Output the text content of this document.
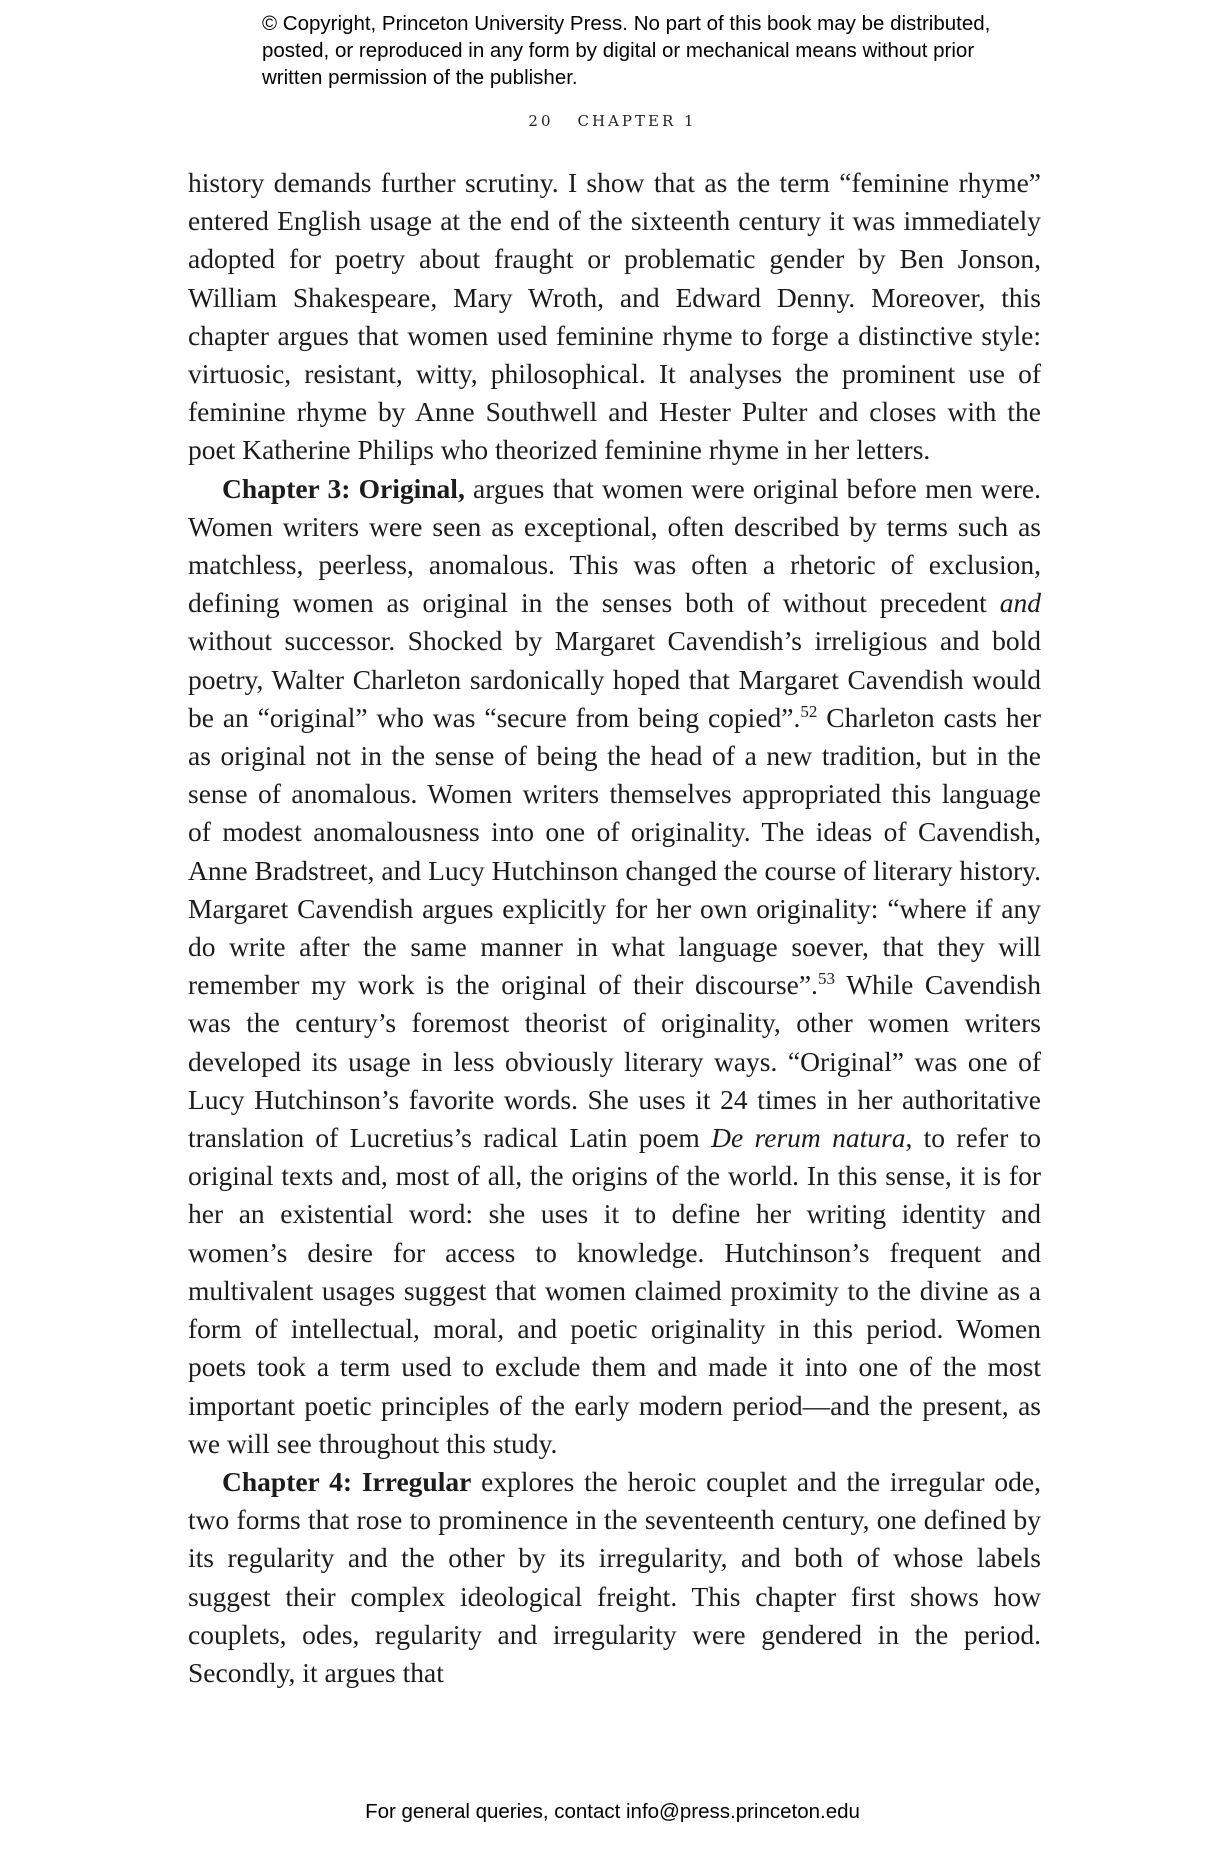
© Copyright, Princeton University Press. No part of this book may be distributed, posted, or reproduced in any form by digital or mechanical means without prior written permission of the publisher.
20 CHAPTER 1

history demands further scrutiny. I show that as the term “feminine rhyme” entered English usage at the end of the sixteenth century it was immediately adopted for poetry about fraught or problematic gender by Ben Jonson, William Shakespeare, Mary Wroth, and Edward Denny. Moreover, this chapter argues that women used feminine rhyme to forge a distinctive style: virtuosic, resistant, witty, philosophical. It analyses the prominent use of feminine rhyme by Anne Southwell and Hester Pulter and closes with the poet Katherine Philips who theorized feminine rhyme in her letters.

Chapter 3: Original, argues that women were original before men were. Women writers were seen as exceptional, often described by terms such as matchless, peerless, anomalous. This was often a rhetoric of exclusion, defining women as original in the senses both of without precedent and without successor. Shocked by Margaret Cavendish’s irreligious and bold poetry, Walter Charleton sardonically hoped that Margaret Cavendish would be an “original” who was “secure from being copied”.$^{52}$ Charleton casts her as original not in the sense of being the head of a new tradition, but in the sense of anomalous. Women writers themselves appropriated this language of modest anomalousness into one of originality. The ideas of Cavendish, Anne Bradstreet, and Lucy Hutchinson changed the course of literary history. Margaret Cavendish argues explicitly for her own originality: “where if any do write after the same manner in what language soever, that they will remember my work is the original of their discourse”.$^{53}$ While Cavendish was the century’s foremost theorist of originality, other women writers developed its usage in less obviously literary ways. “Original” was one of Lucy Hutchinson’s favorite words. She uses it 24 times in her authoritative translation of Lucretius’s radical Latin poem De rerum natura, to refer to original texts and, most of all, the origins of the world. In this sense, it is for her an existential word: she uses it to define her writing identity and women’s desire for access to knowledge. Hutchinson’s frequent and multivalent usages suggest that women claimed proximity to the divine as a form of intellectual, moral, and poetic originality in this period. Women poets took a term used to exclude them and made it into one of the most important poetic principles of the early modern period—and the present, as we will see throughout this study.

Chapter 4: Irregular explores the heroic couplet and the irregular ode, two forms that rose to prominence in the seventeenth century, one defined by its regularity and the other by its irregularity, and both of whose labels suggest their complex ideological freight. This chapter first shows how couplets, odes, regularity and irregularity were gendered in the period. Secondly, it argues that

For general queries, contact info@press.princeton.edu
